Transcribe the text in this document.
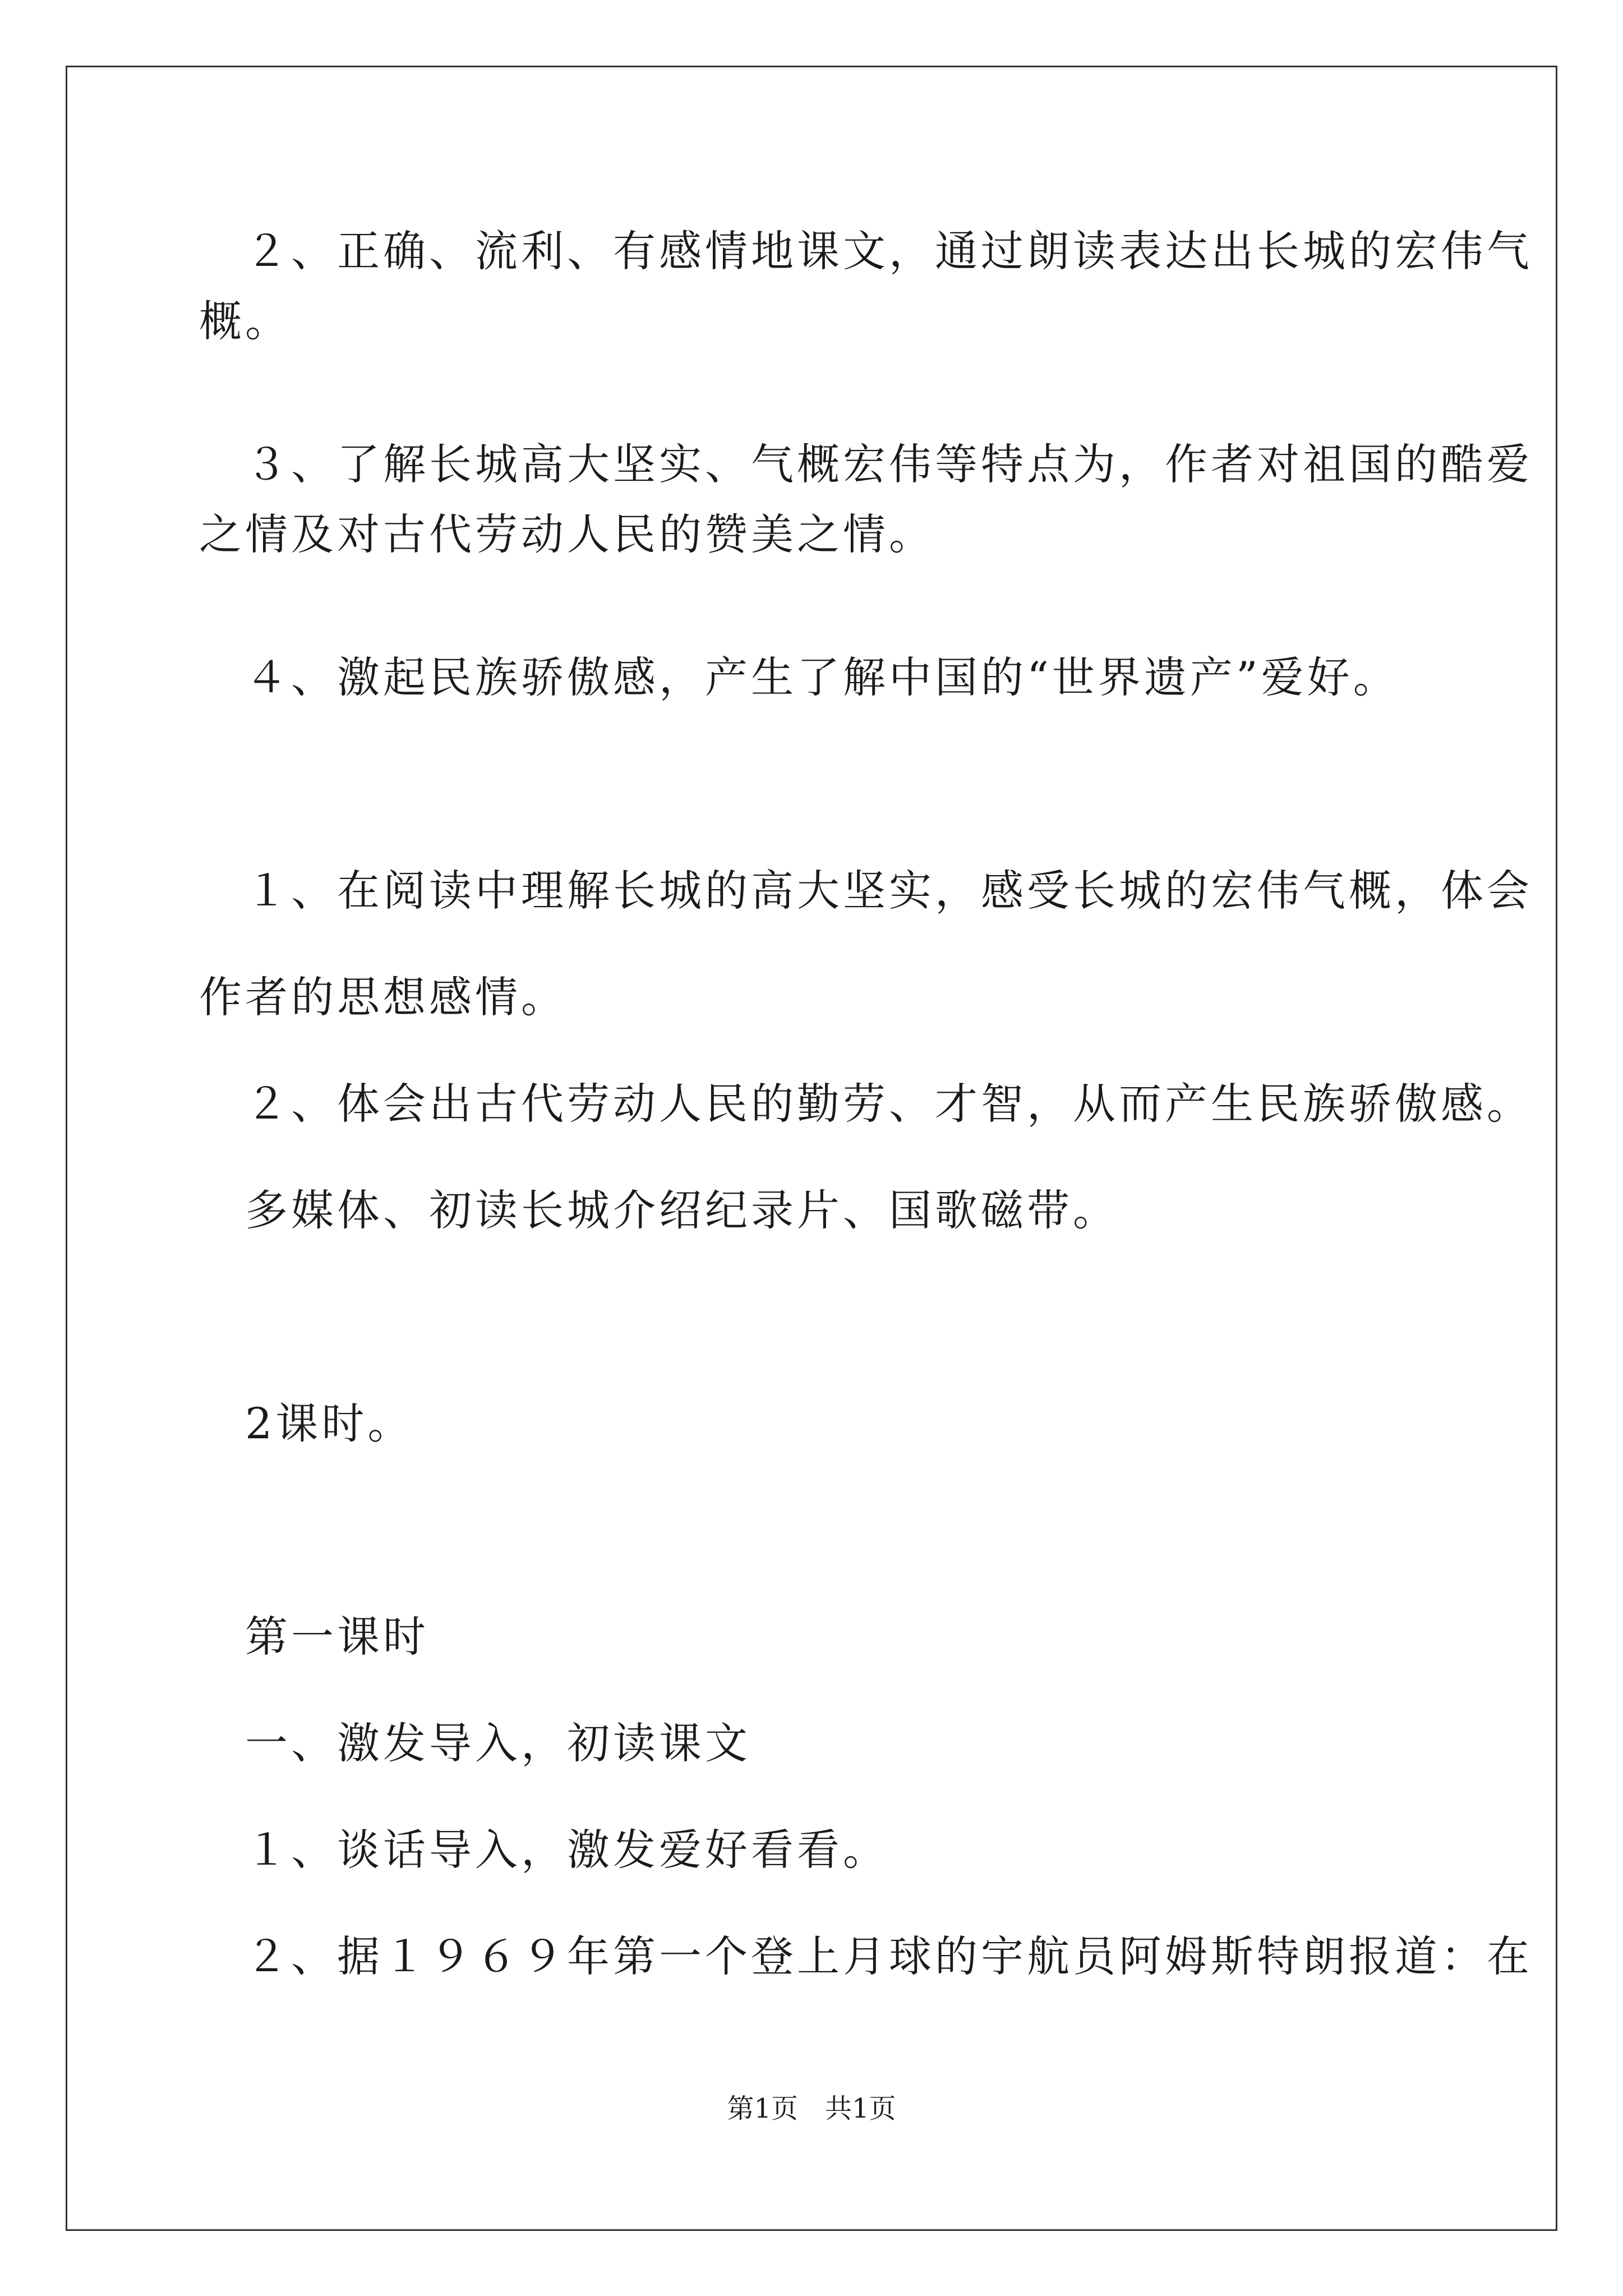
　２、正确、流利、有感情地课文，通过朗读表达出长城的宏伟气
概。
　３、了解长城高大坚实、气概宏伟等特点为，作者对祖国的酷爱
之情及对古代劳动人民的赞美之情。
　４、激起民族骄傲感，产生了解中国的“世界遗产”爱好。
　１、在阅读中理解长城的高大坚实，感受长城的宏伟气概，体会
作者的思想感情。
　２、体会出古代劳动人民的勤劳、才智，从而产生民族骄傲感。
　多媒体、初读长城介绍纪录片、国歌磁带。
　2课时。
　第一课时
　一、激发导入，初读课文
　１、谈话导入，激发爱好看看。
　２、据１９６９年第一个登上月球的宇航员阿姆斯特朗报道：在
第1页　共1页
